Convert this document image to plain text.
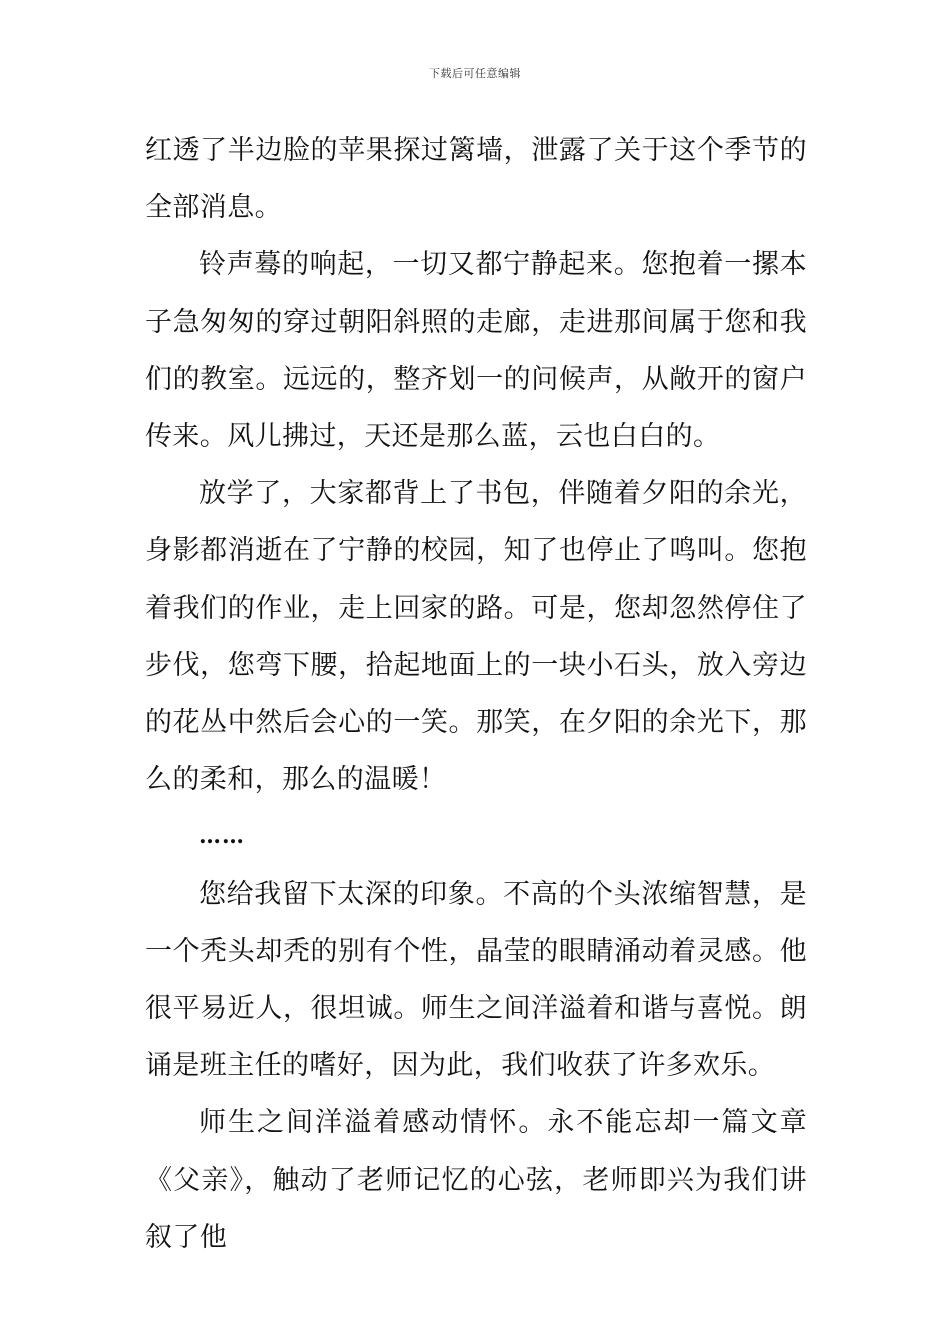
下载后可任意编辑

红透了半边脸的苹果探过篱墙，泄露了关于这个季节的全部消息。

铃声蓦的响起，一切又都宁静起来。您抱着一摞本子急匆匆的穿过朝阳斜照的走廊，走进那间属于您和我们的教室。远远的，整齐划一的问候声，从敞开的窗户传来。风儿拂过，天还是那么蓝，云也白白的。

放学了，大家都背上了书包，伴随着夕阳的余光，身影都消逝在了宁静的校园，知了也停止了鸣叫。您抱着我们的作业，走上回家的路。可是，您却忽然停住了步伐，您弯下腰，拾起地面上的一块小石头，放入旁边的花丛中然后会心的一笑。那笑，在夕阳的余光下，那么的柔和，那么的温暖！

……

您给我留下太深的印象。不高的个头浓缩智慧，是一个秃头却秃的别有个性，晶莹的眼睛涌动着灵感。他很平易近人，很坦诚。师生之间洋溢着和谐与喜悦。朗诵是班主任的嗜好，因为此，我们收获了许多欢乐。

师生之间洋溢着感动情怀。永不能忘却一篇文章《父亲》，触动了老师记忆的心弦，老师即兴为我们讲叙了他
